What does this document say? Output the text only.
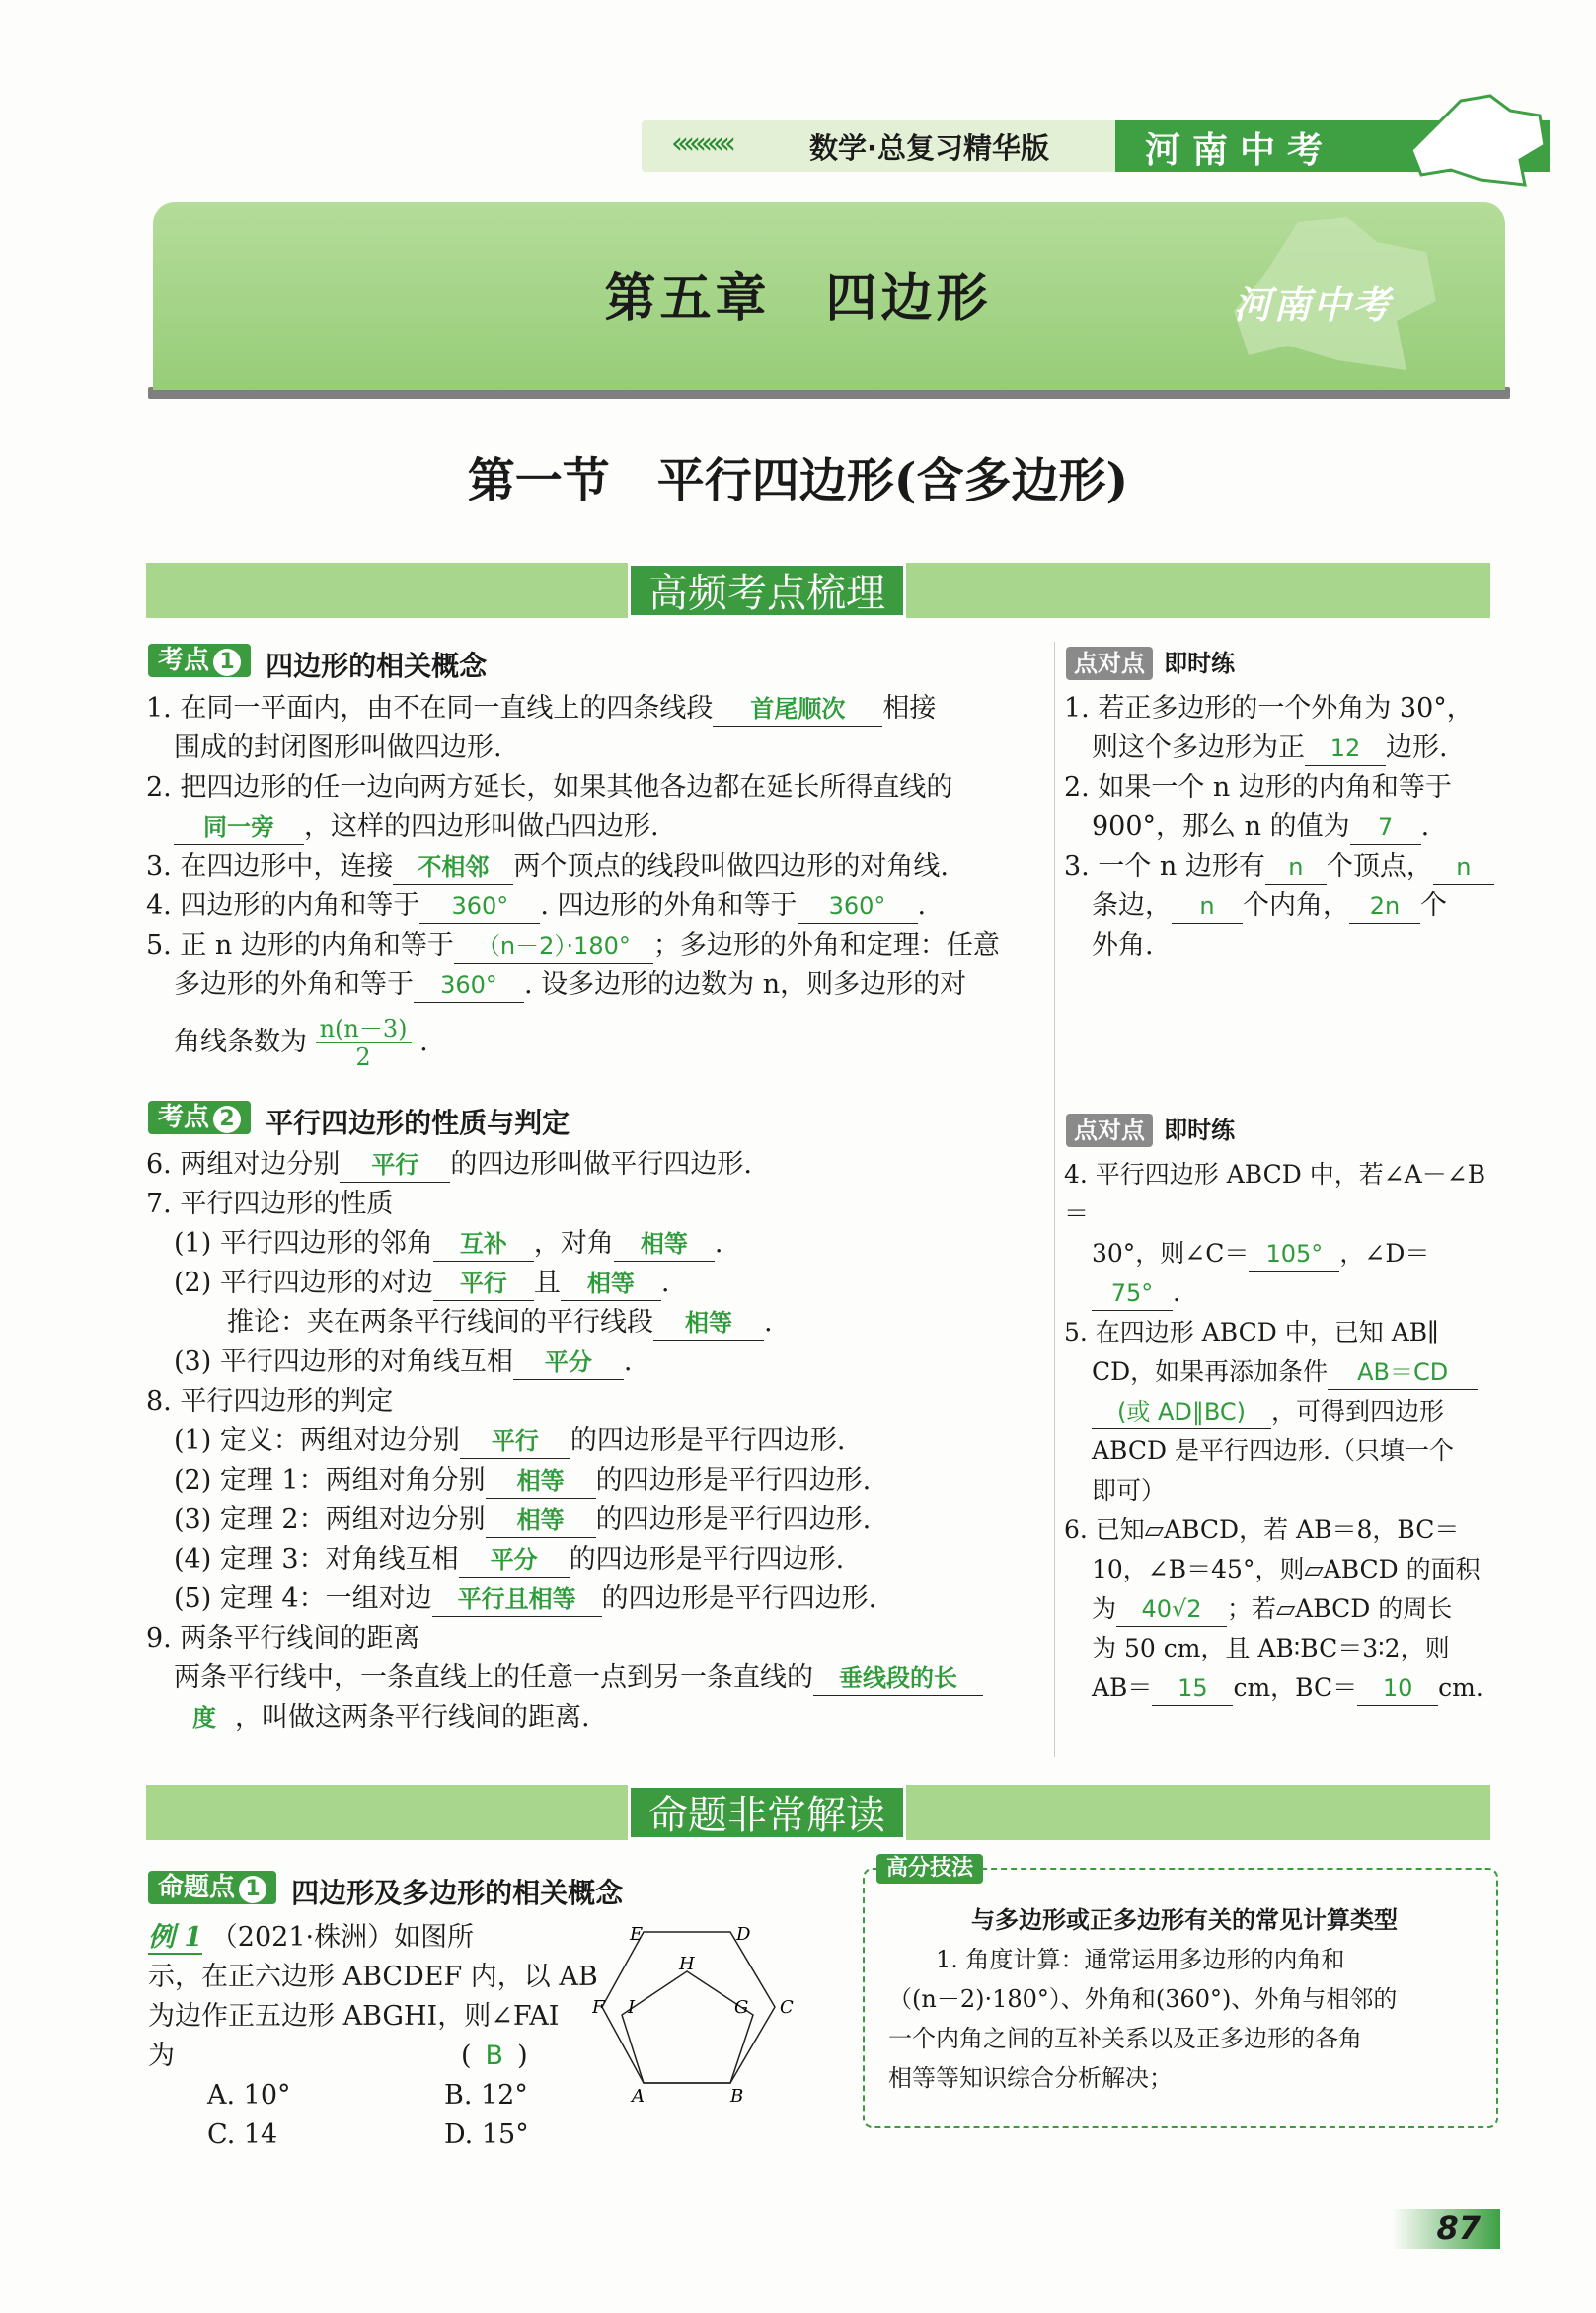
‹‹‹‹‹‹‹‹‹‹	数学·总复习精华版	河南中考
第五章　四边形	河南中考
第一节　平行四边形(含多边形)
高频考点梳理
考点 1 四边形的相关概念
1. 在同一平面内，由不在同一直线上的四条线段 首尾顺次 相接
围成的封闭图形叫做四边形.
2. 把四边形的任一边向两方延长，如果其他各边都在延长所得直线的
同一旁 ，这样的四边形叫做凸四边形.
3. 在四边形中，连接 不相邻 两个顶点的线段叫做四边形的对角线.
4. 四边形的内角和等于 360° . 四边形的外角和等于 360° .
5. 正 n 边形的内角和等于 （n－2）·180° ；多边形的外角和定理：任意
多边形的外角和等于 360° . 设多边形的边数为 n，则多边形的对
角线条数为 $\frac{n(n-3)}{2}$ .
点对点 即时练
1. 若正多边形的一个外角为 30°，
则这个多边形为正 12 边形.
2. 如果一个 n 边形的内角和等于
900°，那么 n 的值为 7 .
3. 一个 n 边形有 n 个顶点， n
条边， n 个内角， 2n 个
外角.
考点 2 平行四边形的性质与判定
6. 两组对边分别 平行 的四边形叫做平行四边形.
7. 平行四边形的性质
(1) 平行四边形的邻角 互补 ，对角 相等 .
(2) 平行四边形的对边 平行 且 相等 .
推论：夹在两条平行线间的平行线段 相等 .
(3) 平行四边形的对角线互相 平分 .
8. 平行四边形的判定
(1) 定义：两组对边分别 平行 的四边形是平行四边形.
(2) 定理 1：两组对角分别 相等 的四边形是平行四边形.
(3) 定理 2：两组对边分别 相等 的四边形是平行四边形.
(4) 定理 3：对角线互相 平分 的四边形是平行四边形.
(5) 定理 4：一组对边 平行且相等 的四边形是平行四边形.
9. 两条平行线间的距离
两条平行线中，一条直线上的任意一点到另一条直线的 垂线段的长
度 ，叫做这两条平行线间的距离.
点对点 即时练
4. 平行四边形 ABCD 中，若∠A－∠B＝
30°，则∠C＝ 105° ，∠D＝75° .
5. 在四边形 ABCD 中，已知 AB∥
CD，如果再添加条件 AB＝CD
(或 AD∥BC) ，可得到四边形
ABCD 是平行四边形.（只填一个
即可）
6. 已知▱ABCD，若 AB＝8，BC＝
10，∠B＝45°，则▱ABCD 的面积
为 40√2 ；若▱ABCD 的周长
为 50 cm，且 AB∶BC＝3∶2，则
AB＝ 15 cm，BC＝ 10 cm.
命题非常解读
命题点 1 四边形及多边形的相关概念
例 1 （2021·株洲）如图所
示，在正六边形 ABCDEF 内，以 AB
为边作正五边形 ABGHI，则∠FAI
为	( B )
A. 10°	B. 12°
C. 14	D. 15°
E	D
H
F I	G C
A	B
高分技法
与多边形或正多边形有关的常见计算类型
1. 角度计算：通常运用多边形的内角和
（(n－2)·180°）、外角和(360°)、外角与相邻的
一个内角之间的互补关系以及正多边形的各角
相等等知识综合分析解决；
87
